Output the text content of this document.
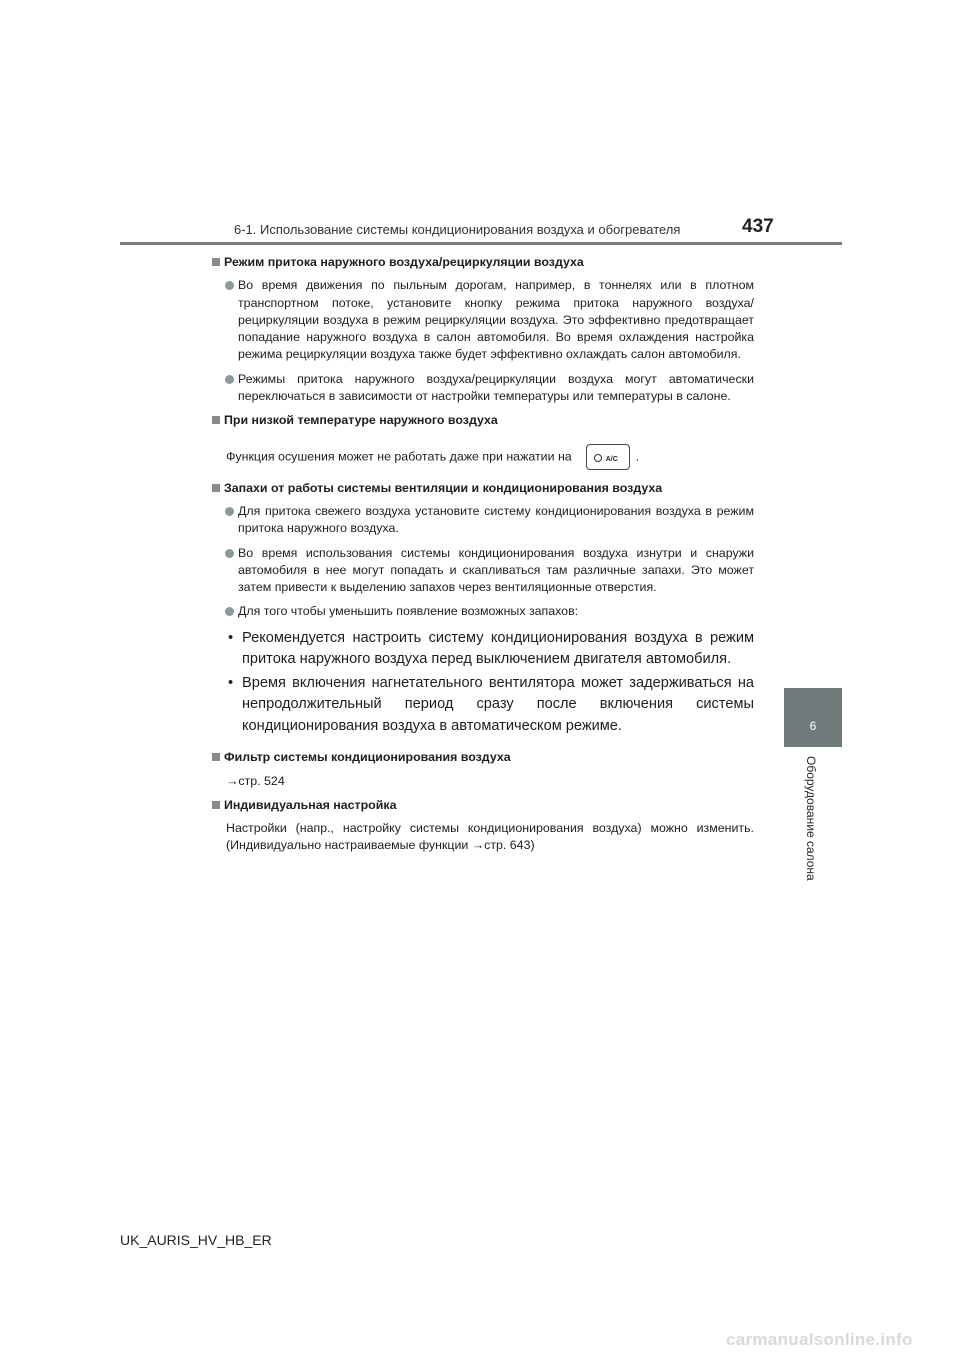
6-1. Использование системы кондиционирования воздуха и обогревателя	437
6
Оборудование салона
Режим притока наружного воздуха/рециркуляции воздуха
Во время движения по пыльным дорогам, например, в тоннелях или в плотном транспортном потоке, установите кнопку режима притока наружного воздуха/рециркуляции воздуха в режим рециркуляции воздуха. Это эффективно предотвращает попадание наружного воздуха в салон автомобиля. Во время охлаждения настройка режима рециркуляции воздуха также будет эффективно охлаждать салон автомобиля.
Режимы притока наружного воздуха/рециркуляции воздуха могут автоматически переключаться в зависимости от настройки температуры или температуры в салоне.
При низкой температуре наружного воздуха
Функция осушения может не работать даже при нажатии на	A/C .
Запахи от работы системы вентиляции и кондиционирования воздуха
Для притока свежего воздуха установите систему кондиционирования воздуха в режим притока наружного воздуха.
Во время использования системы кондиционирования воздуха изнутри и снаружи автомобиля в нее могут попадать и скапливаться там различные запахи. Это может затем привести к выделению запахов через вентиляционные отверстия.
Для того чтобы уменьшить появление возможных запахов:
• Рекомендуется настроить систему кондиционирования воздуха в режим притока наружного воздуха перед выключением двигателя автомобиля.
• Время включения нагнетательного вентилятора может задерживаться на непродолжительный период сразу после включения системы кондиционирования воздуха в автоматическом режиме.
Фильтр системы кондиционирования воздуха
→стр. 524
Индивидуальная настройка
Настройки (напр., настройку системы кондиционирования воздуха) можно изменить. (Индивидуально настраиваемые функции →стр. 643)
UK_AURIS_HV_HB_ER
carmanualsonline.info
